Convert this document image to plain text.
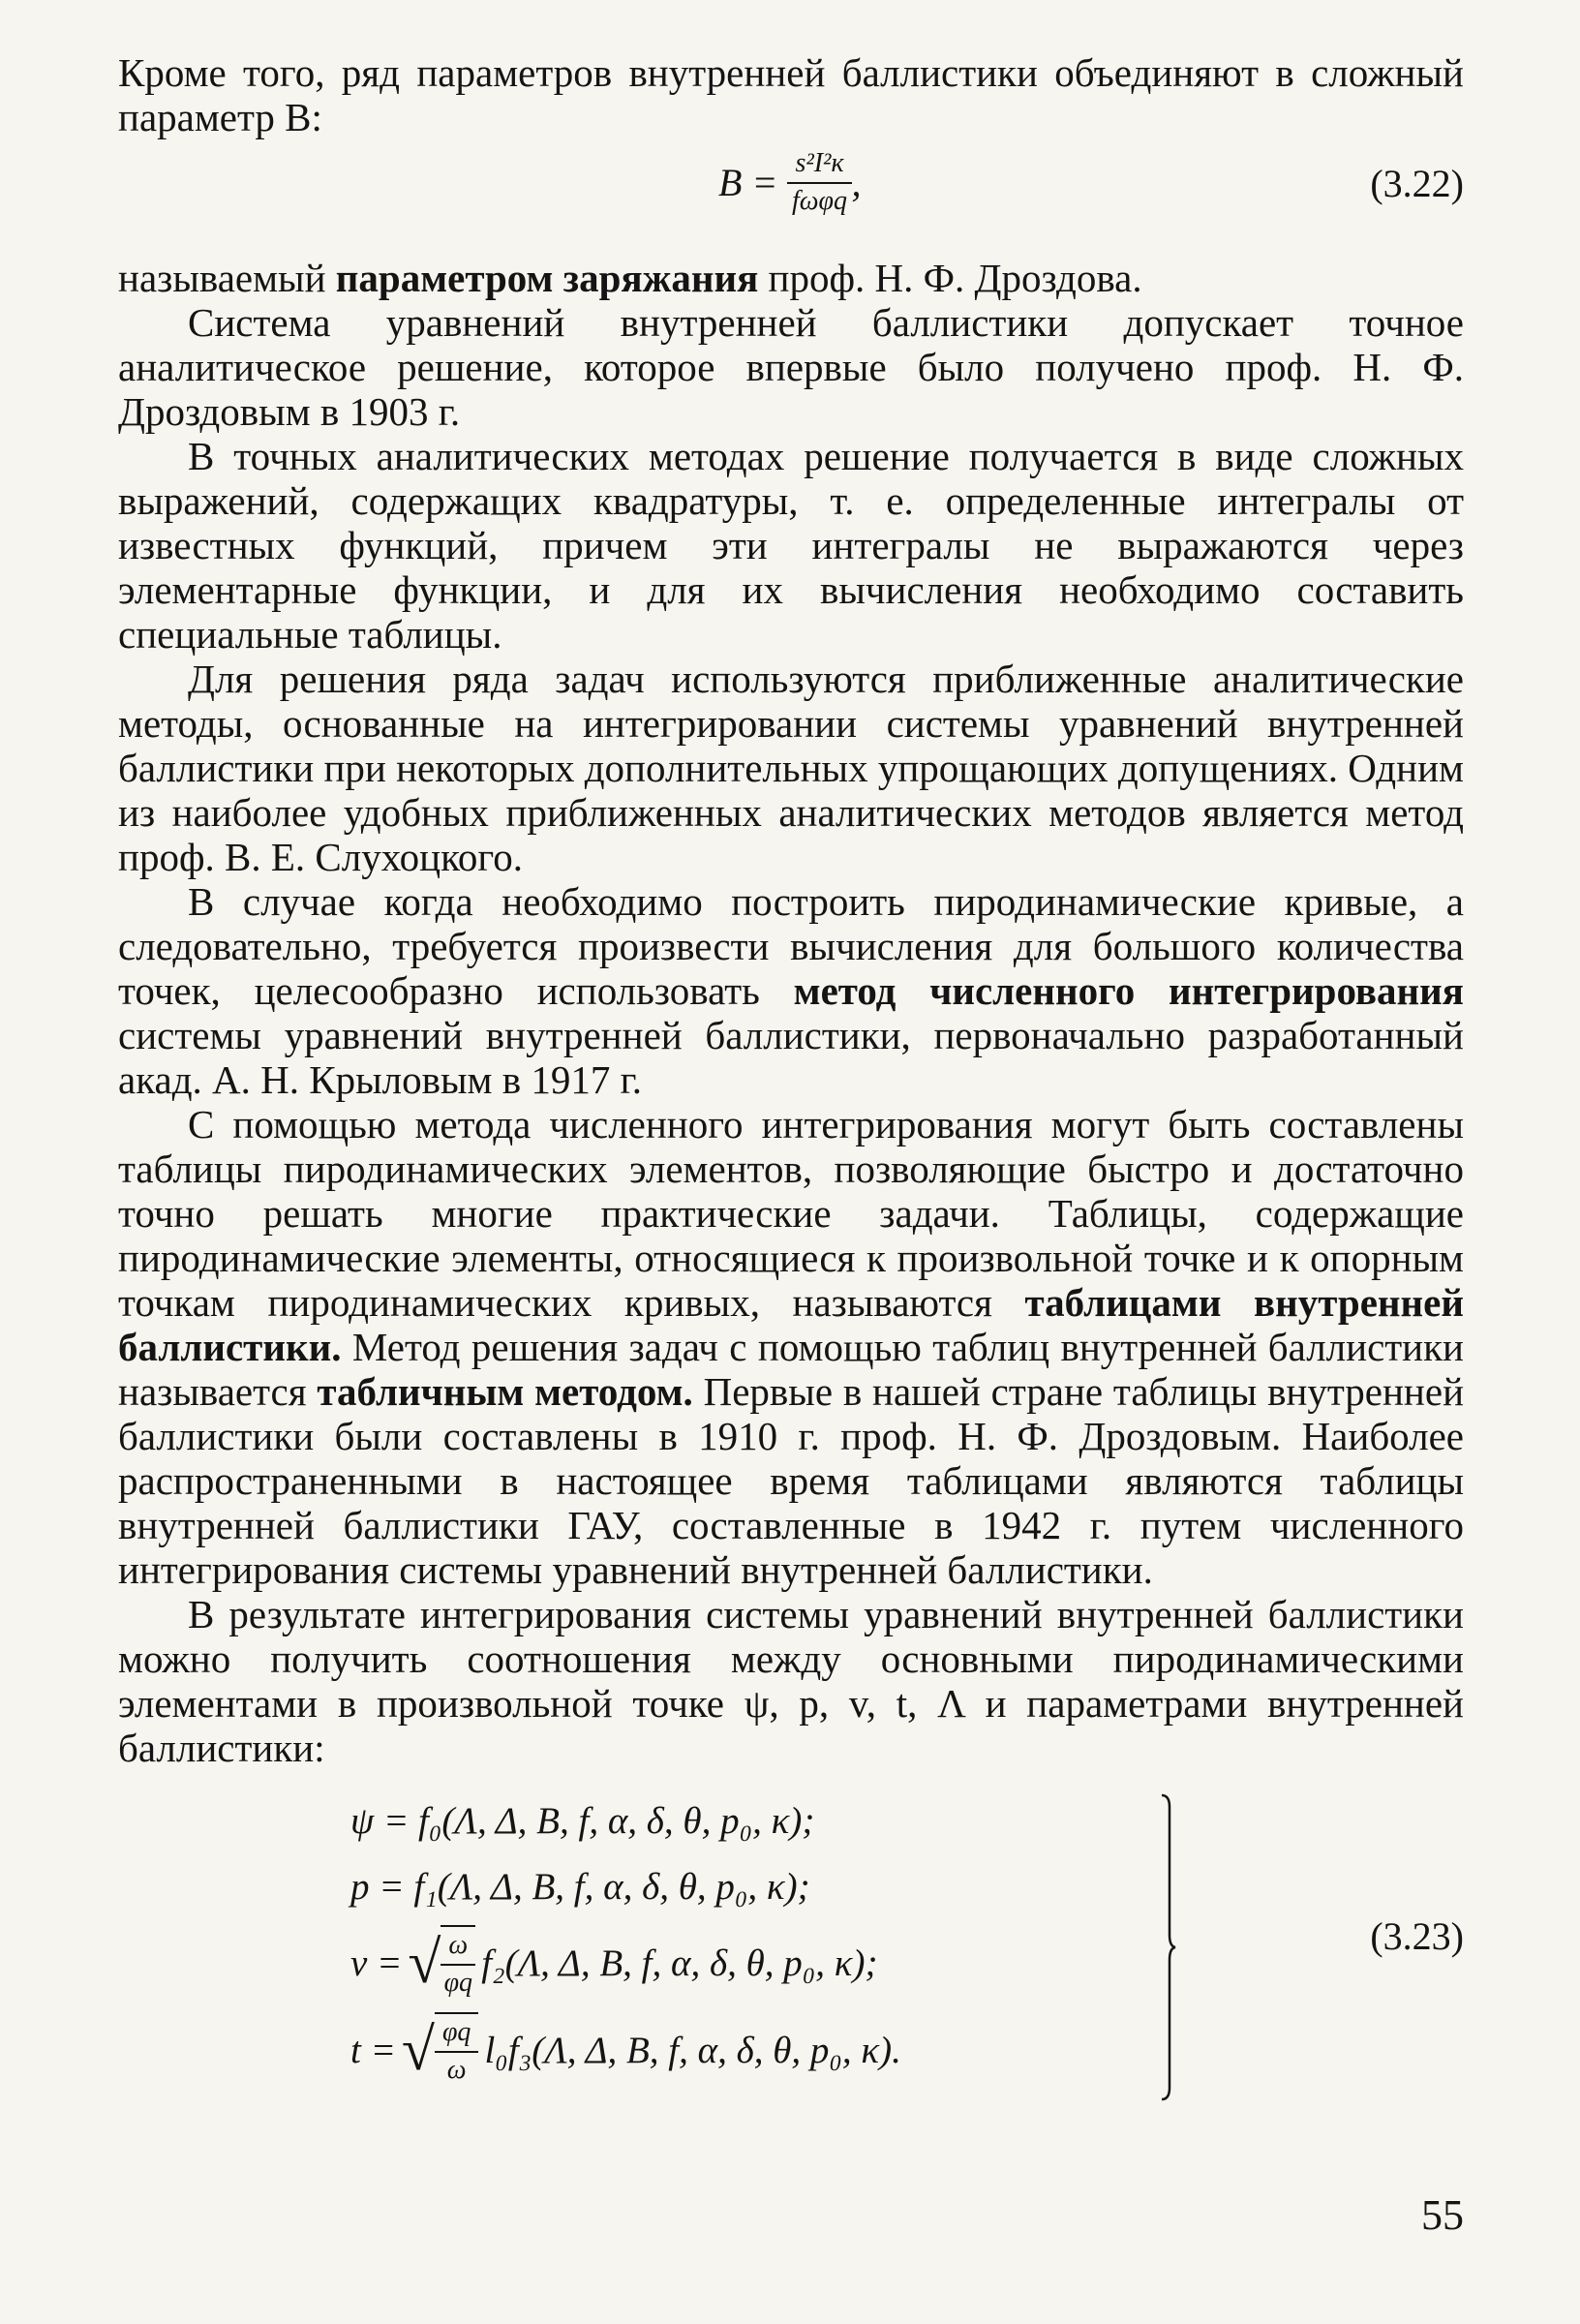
Кроме того, ряд параметров внутренней баллистики объединяют в сложный параметр B:

$B = \frac{\text{s²I²к}}{\text{fωφq}}$ ,	(3.22)

называемый параметром заряжания проф. Н. Ф. Дроздова.

Система уравнений внутренней баллистики допускает точное аналитическое решение, которое впервые было получено проф. Н. Ф. Дроздовым в 1903 г.

В точных аналитических методах решение получается в виде сложных выражений, содержащих квадратуры, т. е. определенные интегралы от известных функций, причем эти интегралы не выражаются через элементарные функции, и для их вычисления необходимо составить специальные таблицы.

Для решения ряда задач используются приближенные аналитические методы, основанные на интегрировании системы уравнений внутренней баллистики при некоторых дополнительных упрощающих допущениях. Одним из наиболее удобных приближенных аналитических методов является метод проф. В. Е. Слухоцкого.

В случае когда необходимо построить пиродинамические кривые, а следовательно, требуется произвести вычисления для большого количества точек, целесообразно использовать метод численного интегрирования системы уравнений внутренней баллистики, первоначально разработанный акад. А. Н. Крыловым в 1917 г.

С помощью метода численного интегрирования могут быть составлены таблицы пиродинамических элементов, позволяющие быстро и достаточно точно решать многие практические задачи. Таблицы, содержащие пиродинамические элементы, относящиеся к произвольной точке и к опорным точкам пиродинамических кривых, называются таблицами внутренней баллистики. Метод решения задач с помощью таблиц внутренней баллистики называется табличным методом. Первые в нашей стране таблицы внутренней баллистики были составлены в 1910 г. проф. Н. Ф. Дроздовым. Наиболее распространенными в настоящее время таблицами являются таблицы внутренней баллистики ГАУ, составленные в 1942 г. путем численного интегрирования системы уравнений внутренней баллистики.

В результате интегрирования системы уравнений внутренней баллистики можно получить соотношения между основными пиродинамическими элементами в произвольной точке ψ, p, v, t, Λ и параметрами внутренней баллистики:

ψ = f₀(Λ, Δ, B, f, α, δ, θ, p₀, κ);
p = f₁(Λ, Δ, B, f, α, δ, θ, p₀, κ);
v = √ $\frac{\omega}{\varphi q} f_2(\Lambda$, Δ, B, f, α, δ, θ, p₀, κ);
t = √ $\frac{\varphi q}{\omega} l_0f_3(\Lambda$, Δ, B, f, α, δ, θ, p₀, κ).
(3.23)
55
